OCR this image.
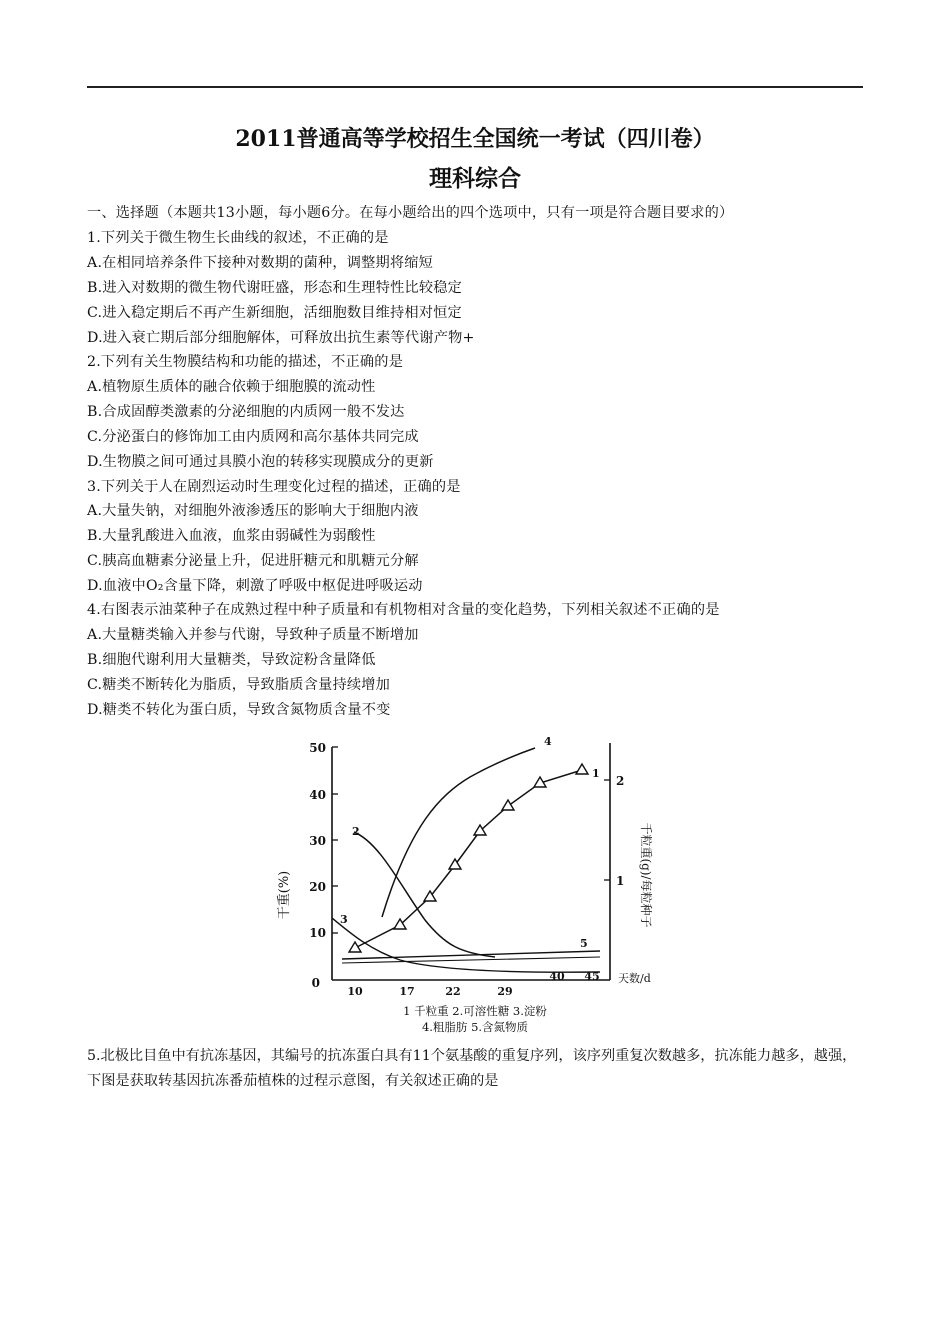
2011普通高等学校招生全国统一考试（四川卷）
理科综合
一、选择题（本题共13小题，每小题6分。在每小题给出的四个选项中，只有一项是符合题目要求的）
1.下列关于微生物生长曲线的叙述，不正确的是
A.在相同培养条件下接种对数期的菌种，调整期将缩短
B.进入对数期的微生物代谢旺盛，形态和生理特性比较稳定
C.进入稳定期后不再产生新细胞，活细胞数目维持相对恒定
D.进入衰亡期后部分细胞解体，可释放出抗生素等代谢产物+
2.下列有关生物膜结构和功能的描述，不正确的是
A.植物原生质体的融合依赖于细胞膜的流动性
B.合成固醇类激素的分泌细胞的内质网一般不发达
C.分泌蛋白的修饰加工由内质网和高尔基体共同完成
D.生物膜之间可通过具膜小泡的转移实现膜成分的更新
3.下列关于人在剧烈运动时生理变化过程的描述，正确的是
A.大量失钠，对细胞外液渗透压的影响大于细胞内液
B.大量乳酸进入血液，血浆由弱碱性为弱酸性
C.胰高血糖素分泌量上升，促进肝糖元和肌糖元分解
D.血液中O₂含量下降，刺激了呼吸中枢促进呼吸运动
4.右图表示油菜种子在成熟过程中种子质量和有机物相对含量的变化趋势，下列相关叙述不正确的是
A.大量糖类输入并参与代谢，导致种子质量不断增加
B.细胞代谢利用大量糖类，导致淀粉含量降低
C.糖类不断转化为脂质，导致脂质含量持续增加
D.糖类不转化为蛋白质，导致含氮物质含量不变
50
40
30
20
10
0
2
1
10	17	22	29
40 45 天数/d
干重(%)	千粒重(g)/每粒种子
1
2
3
4
5
1 千粒重 2.可溶性糖 3.淀粉
4.粗脂肪 5.含氮物质
5.北极比目鱼中有抗冻基因，其编号的抗冻蛋白具有11个氨基酸的重复序列，该序列重复次数越多，抗冻能力越多，越强，下图是获取转基因抗冻番茄植株的过程示意图，有关叙述正确的是
